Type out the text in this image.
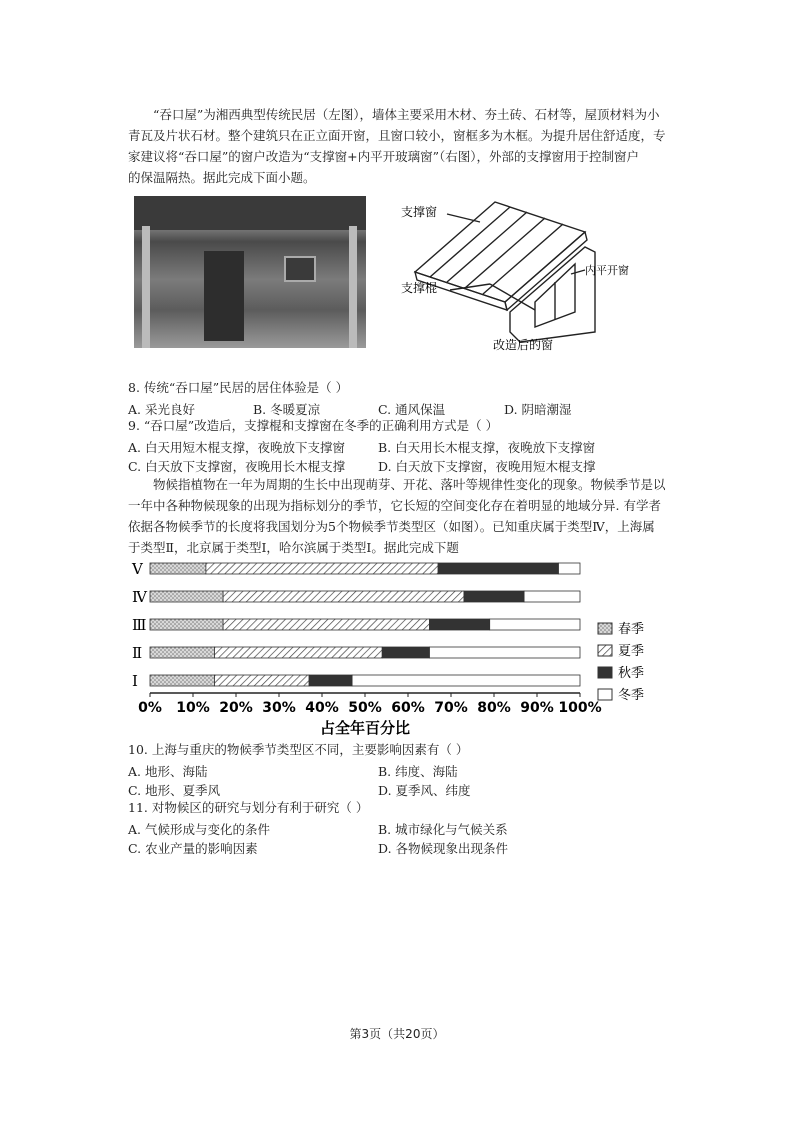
“吞口屋”为湘西典型传统民居（左图），墙体主要采用木材、夯土砖、石材等，屋顶材料为小

青瓦及片状石材。整个建筑只在正立面开窗，且窗口较小，窗框多为木框。为提升居住舒适度，专
家建议将“吞口屋”的窗户改造为“支撑窗+内平开玻璃窗”（右图），外部的支撑窗用于控制窗户
的保温隔热。据此完成下面小题。
支撑窗
支撑棍
内平开窗
改造后的窗
8. 传统“吞口屋”民居的居住体验是（ ）
A. 采光良好	B. 冬暖夏凉	C. 通风保温	D. 阴暗潮湿
9. “吞口屋”改造后，支撑棍和支撑窗在冬季的正确利用方式是（ ）
A. 白天用短木棍支撑，夜晚放下支撑窗	B. 白天用长木棍支撑，夜晚放下支撑窗
C. 白天放下支撑窗，夜晚用长木棍支撑	D. 白天放下支撑窗，夜晚用短木棍支撑

物候指植物在一年为周期的生长中出现萌芽、开花、落叶等规律性变化的现象。物候季节是以

一年中各种物候现象的出现为指标划分的季节，它长短的空间变化存在着明显的地域分异. 有学者
依据各物候季节的长度将我国划分为5个物候季节类型区（如图）。已知重庆属于类型Ⅳ，上海属
于类型Ⅱ，北京属于类型Ⅰ，哈尔滨属于类型Ⅰ。据此完成下题
Ⅴ
Ⅳ
Ⅲ
Ⅱ
Ⅰ
0% 10% 20% 30% 40% 50% 60% 70% 80% 90% 100%
占全年百分比
春季
夏季
秋季
冬季
10. 上海与重庆的物候季节类型区不同，主要影响因素有（ ）
A. 地形、海陆	B. 纬度、海陆
C. 地形、夏季风	D. 夏季风、纬度
11. 对物候区的研究与划分有利于研究（ ）
A. 气候形成与变化的条件	B. 城市绿化与气候关系
C. 农业产量的影响因素	D. 各物候现象出现条件
第3页（共20页）
